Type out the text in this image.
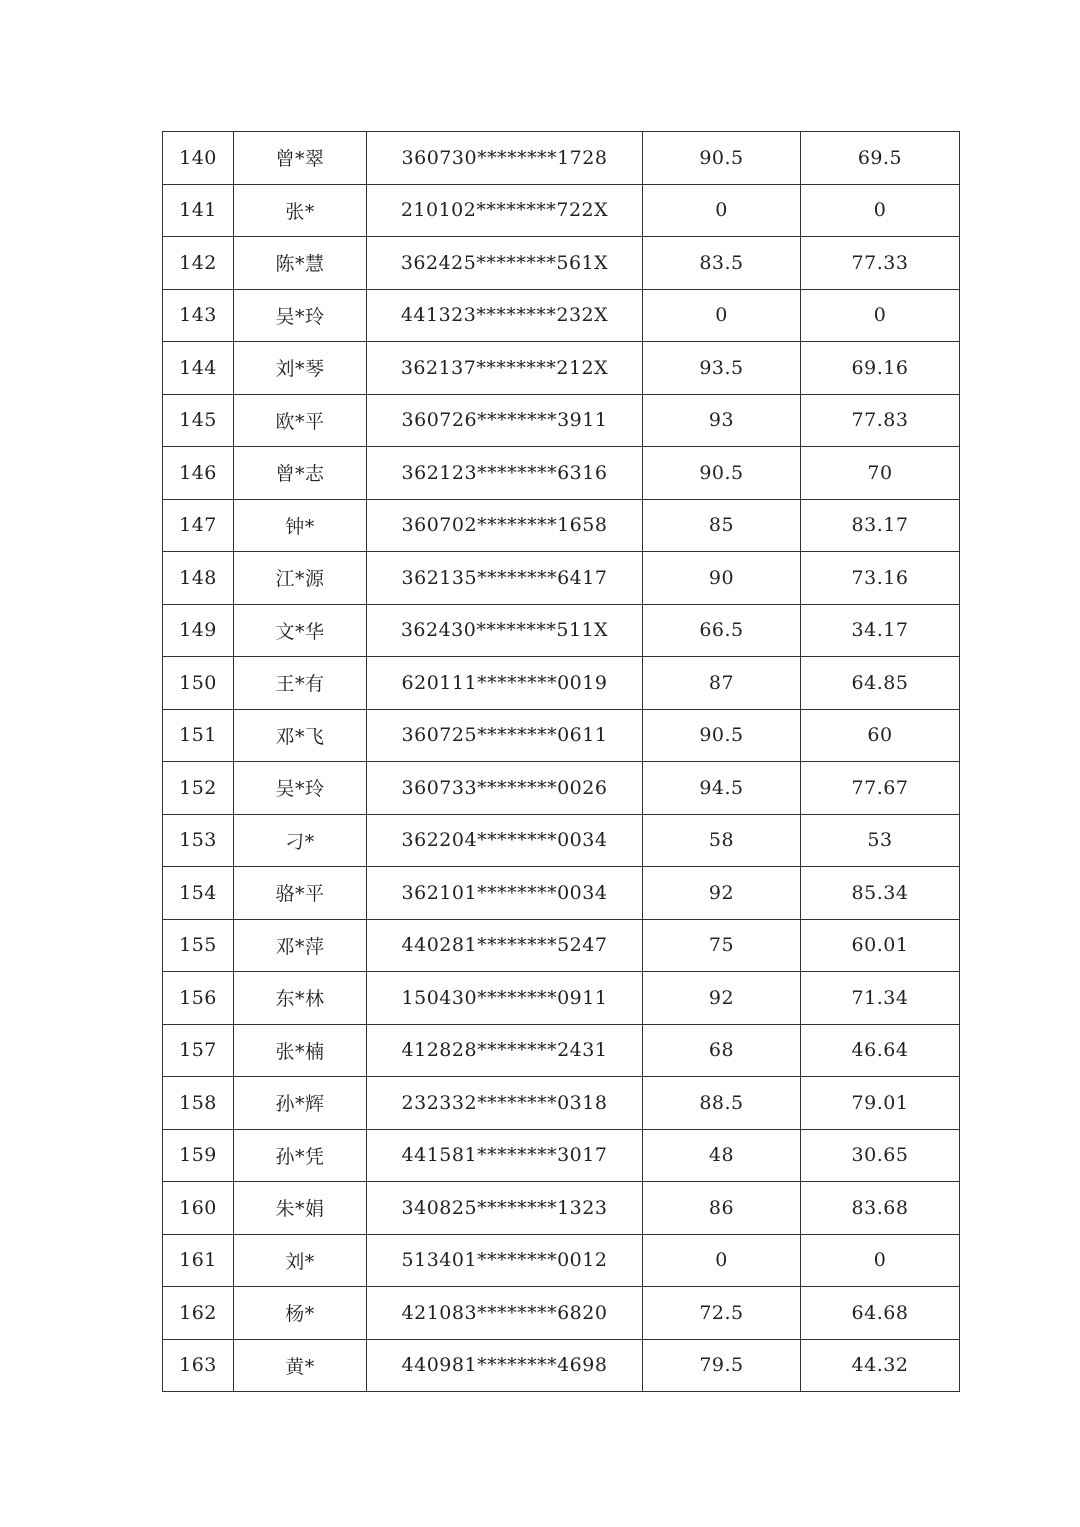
140	曾*翠	360730********1728	90.5	69.5
141	张*	210102********722X	0	0
142	陈*慧	362425********561X	83.5	77.33
143	吴*玲	441323********232X	0	0
144	刘*琴	362137********212X	93.5	69.16
145	欧*平	360726********3911	93	77.83
146	曾*志	362123********6316	90.5	70
147	钟*	360702********1658	85	83.17
148	江*源	362135********6417	90	73.16
149	文*华	362430********511X	66.5	34.17
150	王*有	620111********0019	87	64.85
151	邓*飞	360725********0611	90.5	60
152	吴*玲	360733********0026	94.5	77.67
153	刁*	362204********0034	58	53
154	骆*平	362101********0034	92	85.34
155	邓*萍	440281********5247	75	60.01
156	东*林	150430********0911	92	71.34
157	张*楠	412828********2431	68	46.64
158	孙*辉	232332********0318	88.5	79.01
159	孙*凭	441581********3017	48	30.65
160	朱*娟	340825********1323	86	83.68
161	刘*	513401********0012	0	0
162	杨*	421083********6820	72.5	64.68
163	黄*	440981********4698	79.5	44.32
